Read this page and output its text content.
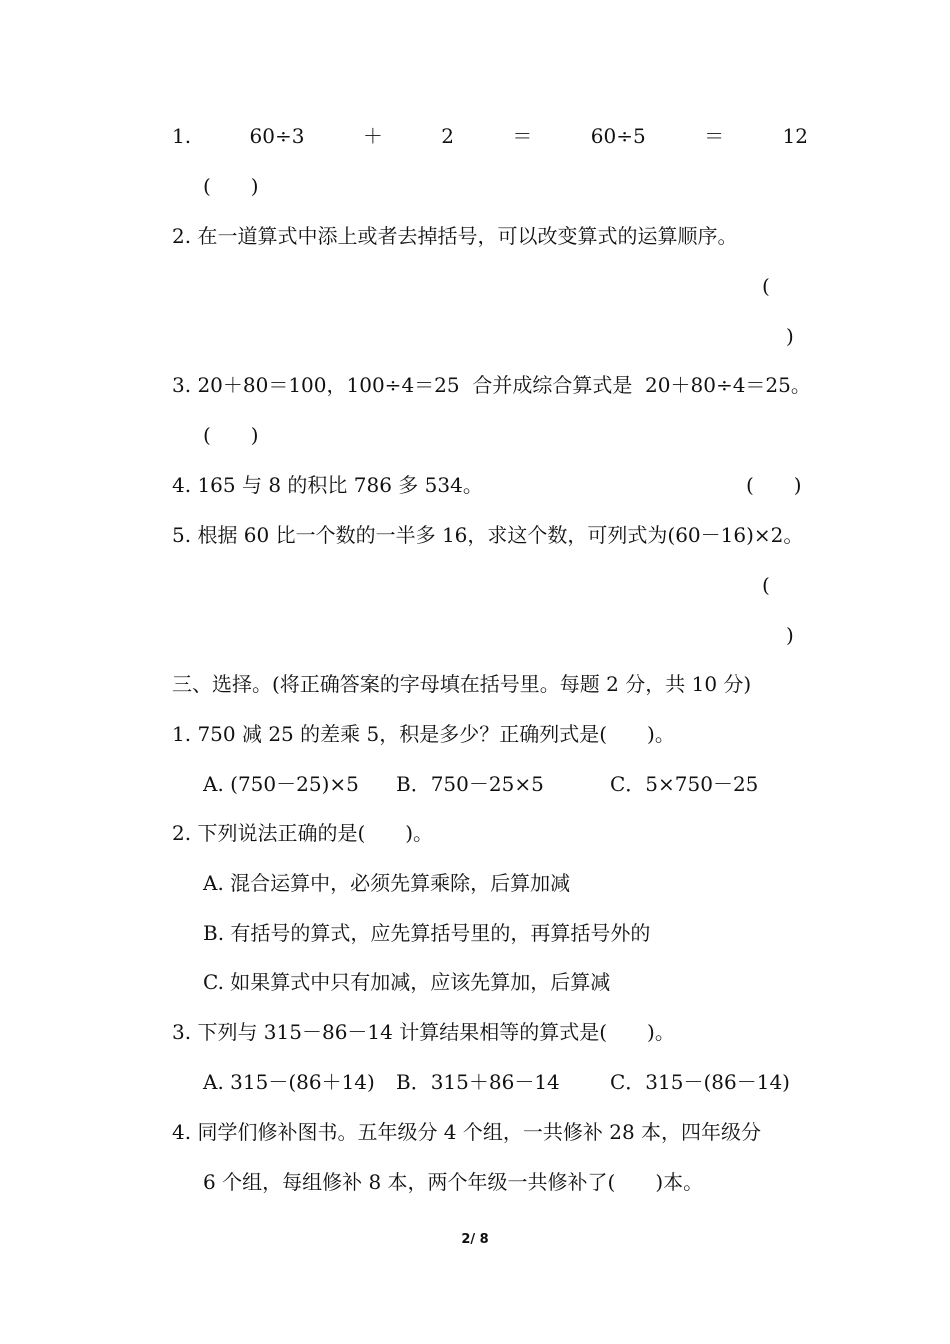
1.	60÷3	＋	2	＝	60÷5	＝	12
(　　)
2. 在一道算式中添上或者去掉括号，可以改变算式的运算顺序。
(
)
3. 20＋80＝100，100÷4＝25  合并成综合算式是  20＋80÷4＝25。
(　　)
4. 165 与 8 的积比 786 多 534。	(　　)
5. 根据 60 比一个数的一半多 16，求这个数，可列式为(60－16)×2。
(
)
三、选择。(将正确答案的字母填在括号里。每题 2 分，共 10 分)
1. 750 减 25 的差乘 5，积是多少？正确列式是(　　)。
A. (750－25)×5 B．750－25×5	C．5×750－25
2. 下列说法正确的是(　　)。
A. 混合运算中，必须先算乘除，后算加减
B. 有括号的算式，应先算括号里的，再算括号外的
C. 如果算式中只有加减，应该先算加，后算减
3. 下列与 315－86－14 计算结果相等的算式是(　　)。
A. 315－(86＋14) B．315＋86－14	C．315－(86－14)
4. 同学们修补图书。五年级分 4 个组，一共修补 28 本，四年级分
6 个组，每组修补 8 本，两个年级一共修补了(　　)本。
2/ 8
